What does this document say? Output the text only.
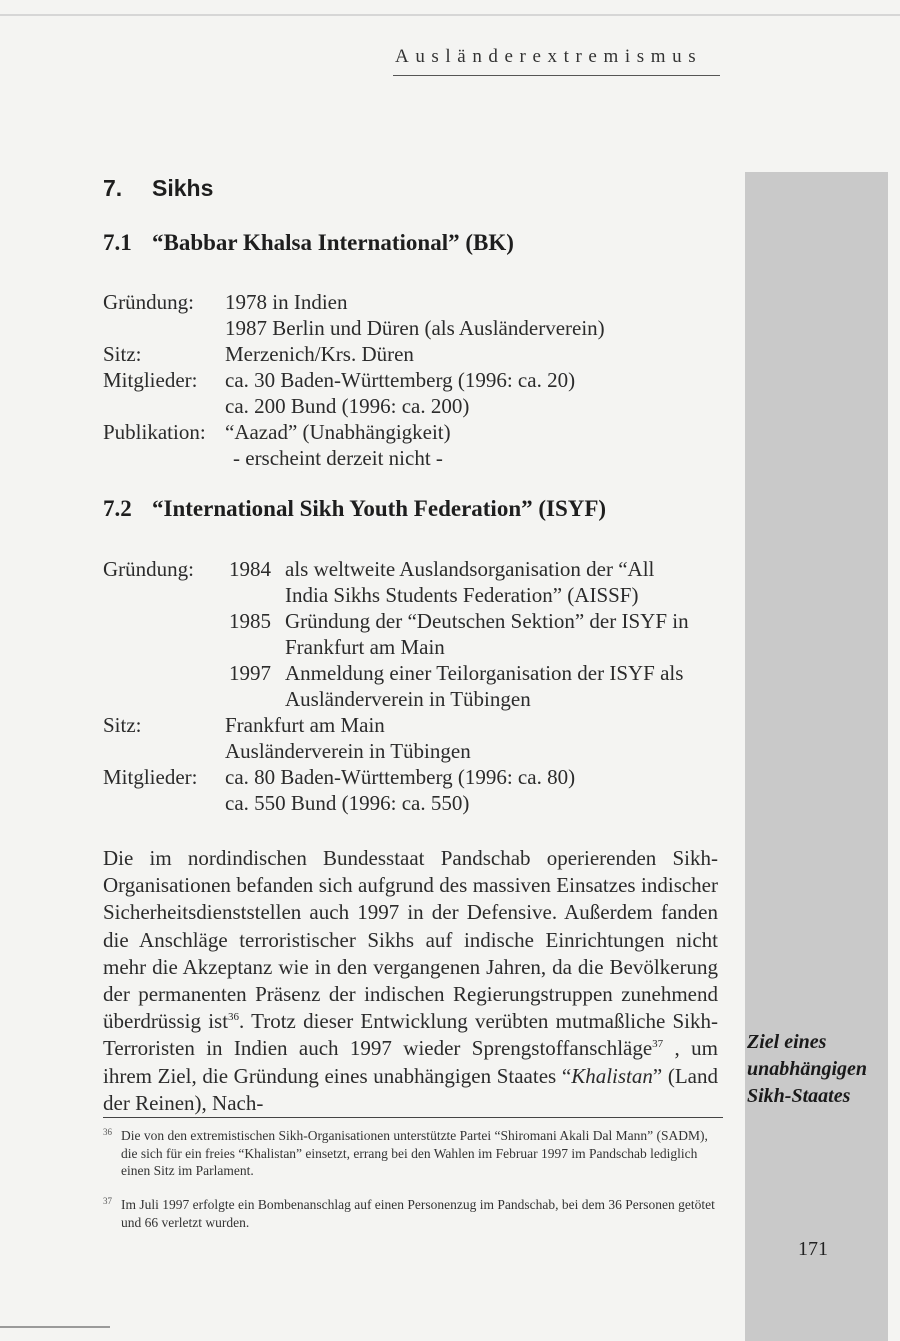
Ausländerextremismus
7. Sikhs
7.1 “Babbar Khalsa International” (BK)
Gründung: 1978 in Indien
1987 Berlin und Düren (als Ausländerverein)
Sitz:	Merzenich/Krs. Düren
Mitglieder: ca. 30 Baden-Württemberg (1996: ca. 20)
ca. 200 Bund (1996: ca. 200)
Publikation: “Aazad” (Unabhängigkeit)
- erscheint derzeit nicht -
7.2 “International Sikh Youth Federation” (ISYF)
Gründung: 1984 als weltweite Auslandsorganisation der “All
India Sikhs Students Federation” (AISSF)
1985 Gründung der “Deutschen Sektion” der ISYF in
Frankfurt am Main
1997 Anmeldung einer Teilorganisation der ISYF als
Ausländerverein in Tübingen
Sitz:	Frankfurt am Main
Ausländerverein in Tübingen
Mitglieder: ca. 80 Baden-Württemberg (1996: ca. 80)
ca. 550 Bund (1996: ca. 550)
Die im nordindischen Bundesstaat Pandschab operierenden Sikh-Organisationen befanden sich aufgrund des massiven Einsatzes indischer Sicherheitsdienststellen auch 1997 in der Defensive. Außerdem fanden die Anschläge terroristischer Sikhs auf indische Einrichtungen nicht mehr die Akzeptanz wie in den vergangenen Jahren, da die Bevölkerung der permanenten Präsenz der indischen Regierungstruppen zunehmend überdrüssig ist$^{36}$. Trotz dieser Entwicklung verübten mutmaßliche Sikh-Terroristen in Indien auch 1997 wieder Sprengstoffanschläge$^{37}$ , um ihrem Ziel, die Gründung eines unabhängigen Staates “Khalistan” (Land der Reinen), Nach-
Ziel eines
unabhängigen
Sikh-Staates
36 Die von den extremistischen Sikh-Organisationen unterstützte Partei “Shiromani Akali Dal Mann” (SADM), die sich für ein freies “Khalistan” einsetzt, errang bei den Wahlen im Februar 1997 im Pandschab lediglich einen Sitz im Parlament.
37 Im Juli 1997 erfolgte ein Bombenanschlag auf einen Personenzug im Pandschab, bei dem 36 Personen getötet und 66 verletzt wurden.
171
